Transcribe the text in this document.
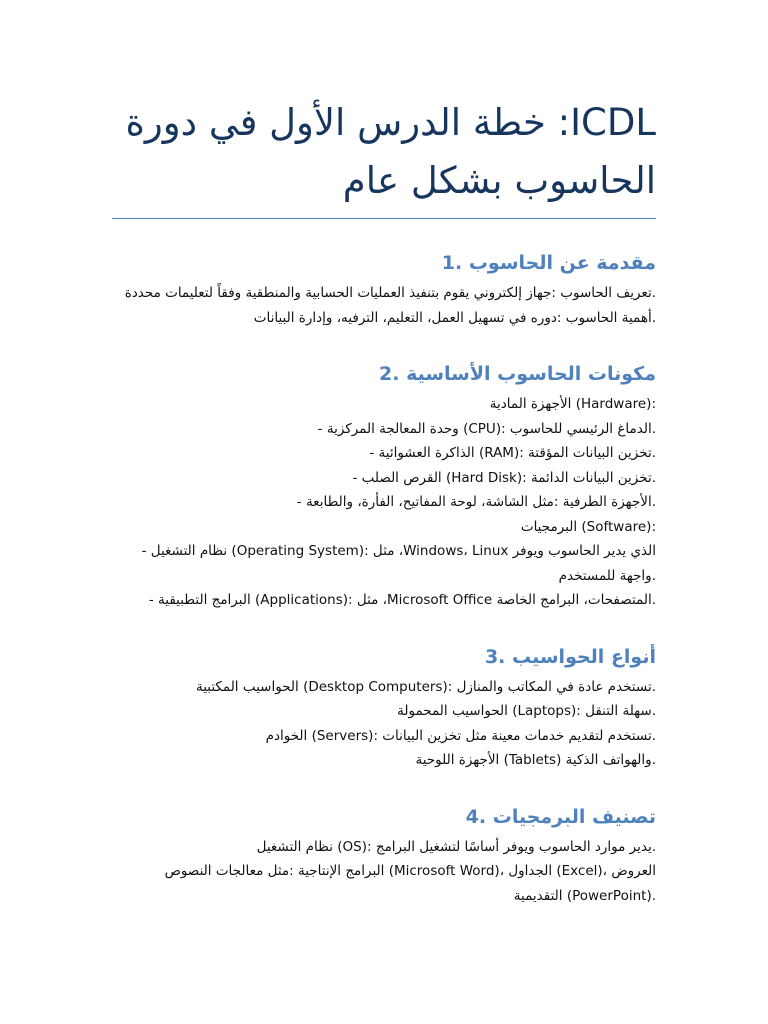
ICDL: خطة الدرس الأول في دورة
الحاسوب بشكل عام
مقدمة عن الحاسوب .1
.تعريف الحاسوب :جهاز إلكتروني يقوم بتنفيذ العمليات الحسابية والمنطقية وفقاً لتعليمات محددة
.أهمية الحاسوب :دوره في تسهيل العمل، التعليم، الترفيه، وإدارة البيانات
مكونات الحاسوب الأساسية .2
:(Hardware) الأجهزة المادية
.الدماغ الرئيسي للحاسوب :(CPU) وحدة المعالجة المركزية -
.تخزين البيانات المؤقتة :(RAM) الذاكرة العشوائية -
.تخزين البيانات الدائمة :(Hard Disk) القرص الصلب -
.الأجهزة الطرفية :مثل الشاشة، لوحة المفاتيح، الفأرة، والطابعة -
:(Software) البرمجيات
الذي يدير الحاسوب ويوفر Windows، Linux، مثل :(Operating System) نظام التشغيل -
.واجهة للمستخدم
.المتصفحات، البرامج الخاصة Microsoft Office، مثل :(Applications) البرامج التطبيقية -
أنواع الحواسيب .3
.تستخدم عادة في المكاتب والمنازل :(Desktop Computers) الحواسيب المكتبية
.سهلة التنقل :(Laptops) الحواسيب المحمولة
.تستخدم لتقديم خدمات معينة مثل تخزين البيانات :(Servers) الخوادم
.والهواتف الذكية (Tablets) الأجهزة اللوحية
تصنيف البرمجيات .4
.يدير موارد الحاسوب ويوفر أساسًا لتشغيل البرامج :(OS) نظام التشغيل
العروض ،(Excel) الجداول ،(Microsoft Word) البرامج الإنتاجية :مثل معالجات النصوص
.(PowerPoint) التقديمية
